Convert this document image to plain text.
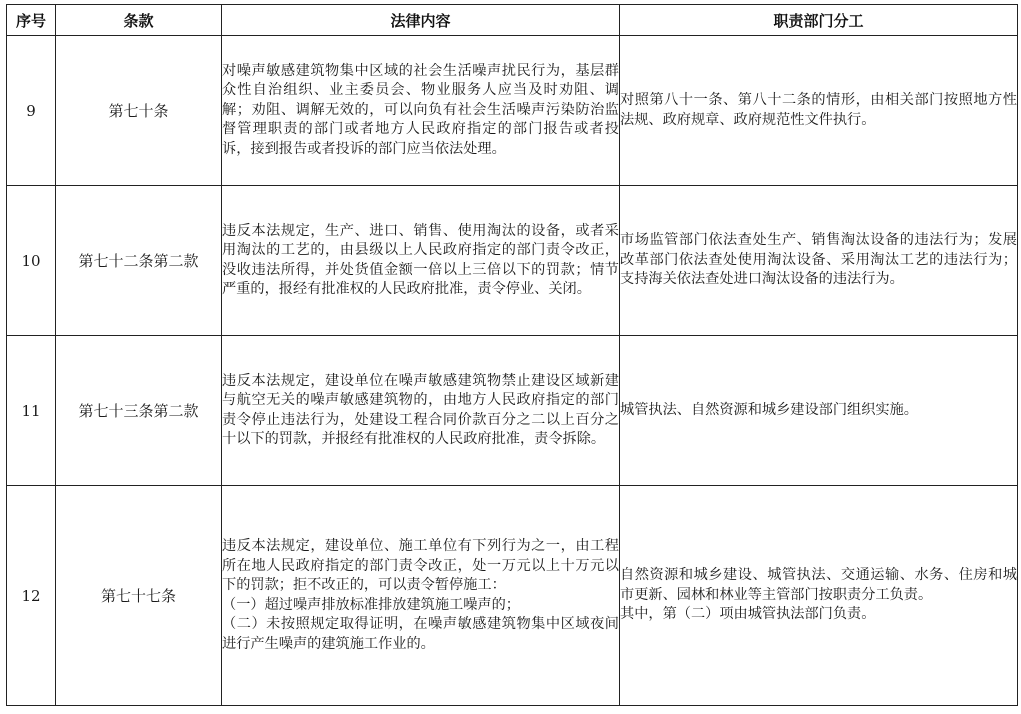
序号	条款	法律内容	职责部门分工
9	第七十条	对噪声敏感建筑物集中区域的社会生活噪声扰民行为，基层群众性自治组织、业主委员会、物业服务人应当及时劝阻、调解；劝阻、调解无效的，可以向负有社会生活噪声污染防治监督管理职责的部门或者地方人民政府指定的部门报告或者投诉，接到报告或者投诉的部门应当依法处理。	对照第八十一条、第八十二条的情形，由相关部门按照地方性法规、政府规章、政府规范性文件执行。
10	第七十二条第二款	违反本法规定，生产、进口、销售、使用淘汰的设备，或者采用淘汰的工艺的，由县级以上人民政府指定的部门责令改正，没收违法所得，并处货值金额一倍以上三倍以下的罚款；情节严重的，报经有批准权的人民政府批准，责令停业、关闭。	市场监管部门依法查处生产、销售淘汰设备的违法行为；发展改革部门依法查处使用淘汰设备、采用淘汰工艺的违法行为；支持海关依法查处进口淘汰设备的违法行为。
11	第七十三条第二款	违反本法规定，建设单位在噪声敏感建筑物禁止建设区域新建与航空无关的噪声敏感建筑物的，由地方人民政府指定的部门责令停止违法行为，处建设工程合同价款百分之二以上百分之十以下的罚款，并报经有批准权的人民政府批准，责令拆除。	城管执法、自然资源和城乡建设部门组织实施。
12	第七十七条	违反本法规定，建设单位、施工单位有下列行为之一，由工程所在地人民政府指定的部门责令改正，处一万元以上十万元以下的罚款；拒不改正的，可以责令暂停施工：
（一）超过噪声排放标准排放建筑施工噪声的；
（二）未按照规定取得证明，在噪声敏感建筑物集中区域夜间进行产生噪声的建筑施工作业的。	自然资源和城乡建设、城管执法、交通运输、水务、住房和城市更新、园林和林业等主管部门按职责分工负责。
其中，第（二）项由城管执法部门负责。
